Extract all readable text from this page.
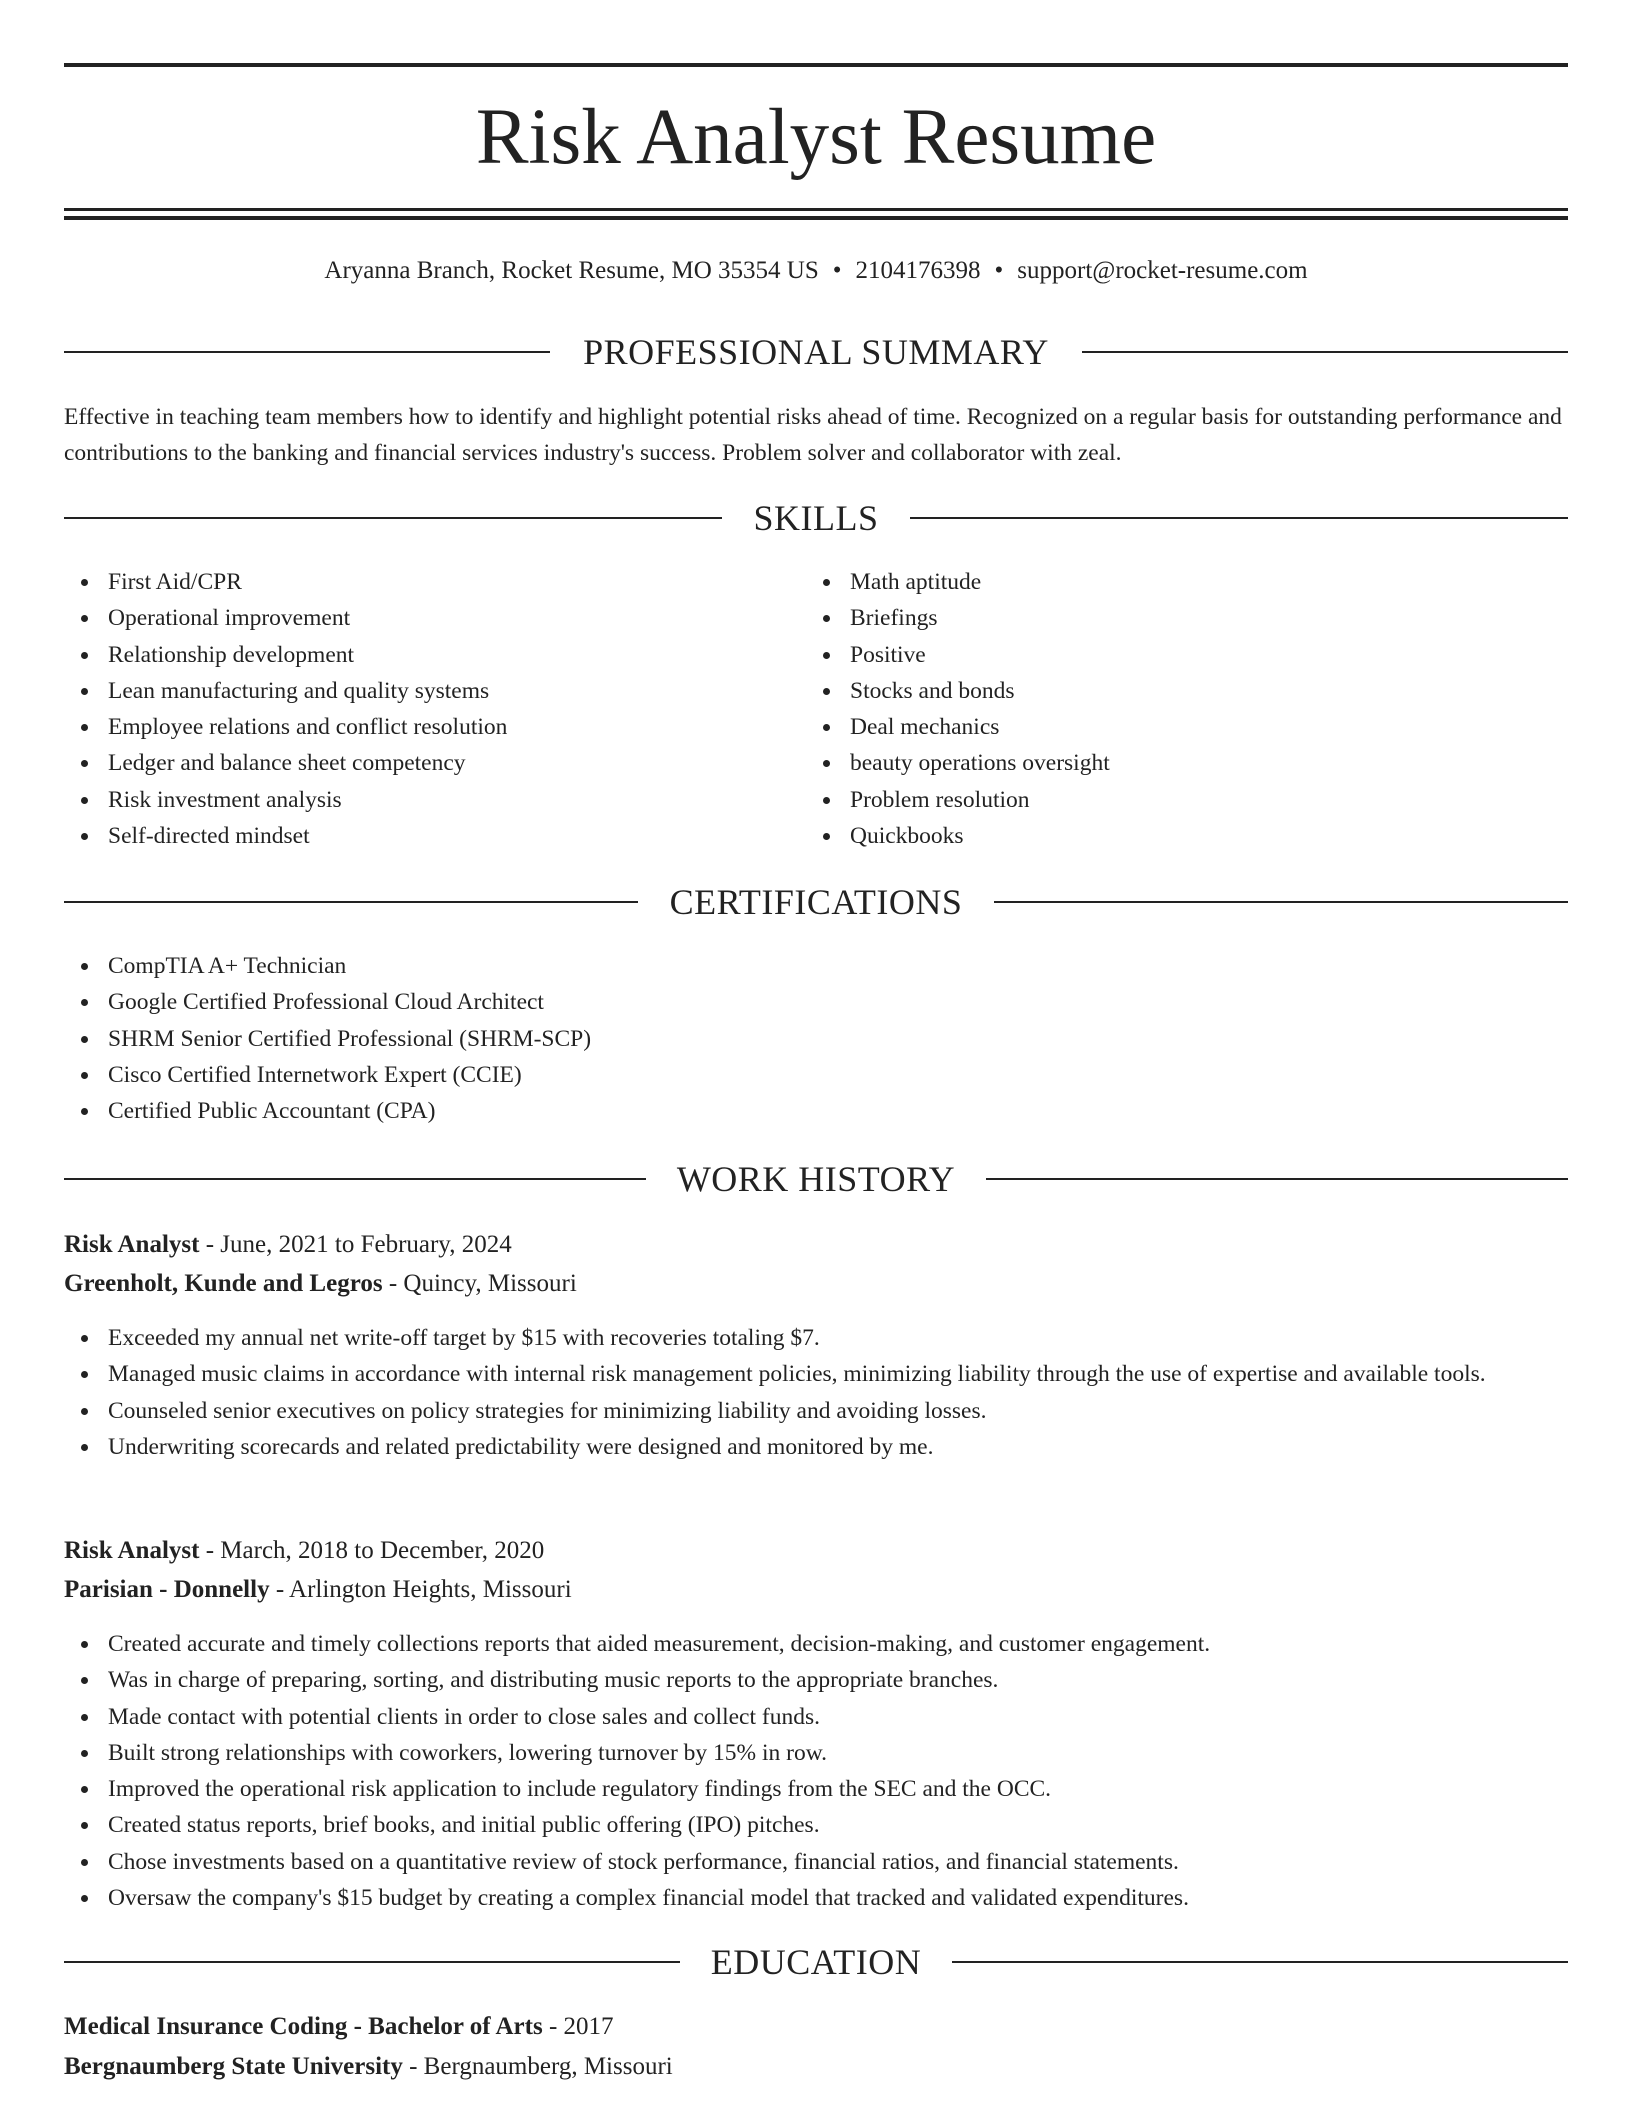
Risk Analyst Resume
Aryanna Branch, Rocket Resume, MO 35354 US • 2104176398 • support@rocket-resume.com
PROFESSIONAL SUMMARY
Effective in teaching team members how to identify and highlight potential risks ahead of time. Recognized on a regular basis for outstanding performance and contributions to the banking and financial services industry's success. Problem solver and collaborator with zeal.
SKILLS
First Aid/CPR
Operational improvement
Relationship development
Lean manufacturing and quality systems
Employee relations and conflict resolution
Ledger and balance sheet competency
Risk investment analysis
Self-directed mindset
Math aptitude
Briefings
Positive
Stocks and bonds
Deal mechanics
beauty operations oversight
Problem resolution
Quickbooks
CERTIFICATIONS
CompTIA A+ Technician
Google Certified Professional Cloud Architect
SHRM Senior Certified Professional (SHRM-SCP)
Cisco Certified Internetwork Expert (CCIE)
Certified Public Accountant (CPA)
WORK HISTORY
Risk Analyst - June, 2021 to February, 2024
Greenholt, Kunde and Legros - Quincy, Missouri
Exceeded my annual net write-off target by $15 with recoveries totaling $7.
Managed music claims in accordance with internal risk management policies, minimizing liability through the use of expertise and available tools.
Counseled senior executives on policy strategies for minimizing liability and avoiding losses.
Underwriting scorecards and related predictability were designed and monitored by me.
Risk Analyst - March, 2018 to December, 2020
Parisian - Donnelly - Arlington Heights, Missouri
Created accurate and timely collections reports that aided measurement, decision-making, and customer engagement.
Was in charge of preparing, sorting, and distributing music reports to the appropriate branches.
Made contact with potential clients in order to close sales and collect funds.
Built strong relationships with coworkers, lowering turnover by 15% in row.
Improved the operational risk application to include regulatory findings from the SEC and the OCC.
Created status reports, brief books, and initial public offering (IPO) pitches.
Chose investments based on a quantitative review of stock performance, financial ratios, and financial statements.
Oversaw the company's $15 budget by creating a complex financial model that tracked and validated expenditures.
EDUCATION
Medical Insurance Coding - Bachelor of Arts - 2017
Bergnaumberg State University - Bergnaumberg, Missouri
